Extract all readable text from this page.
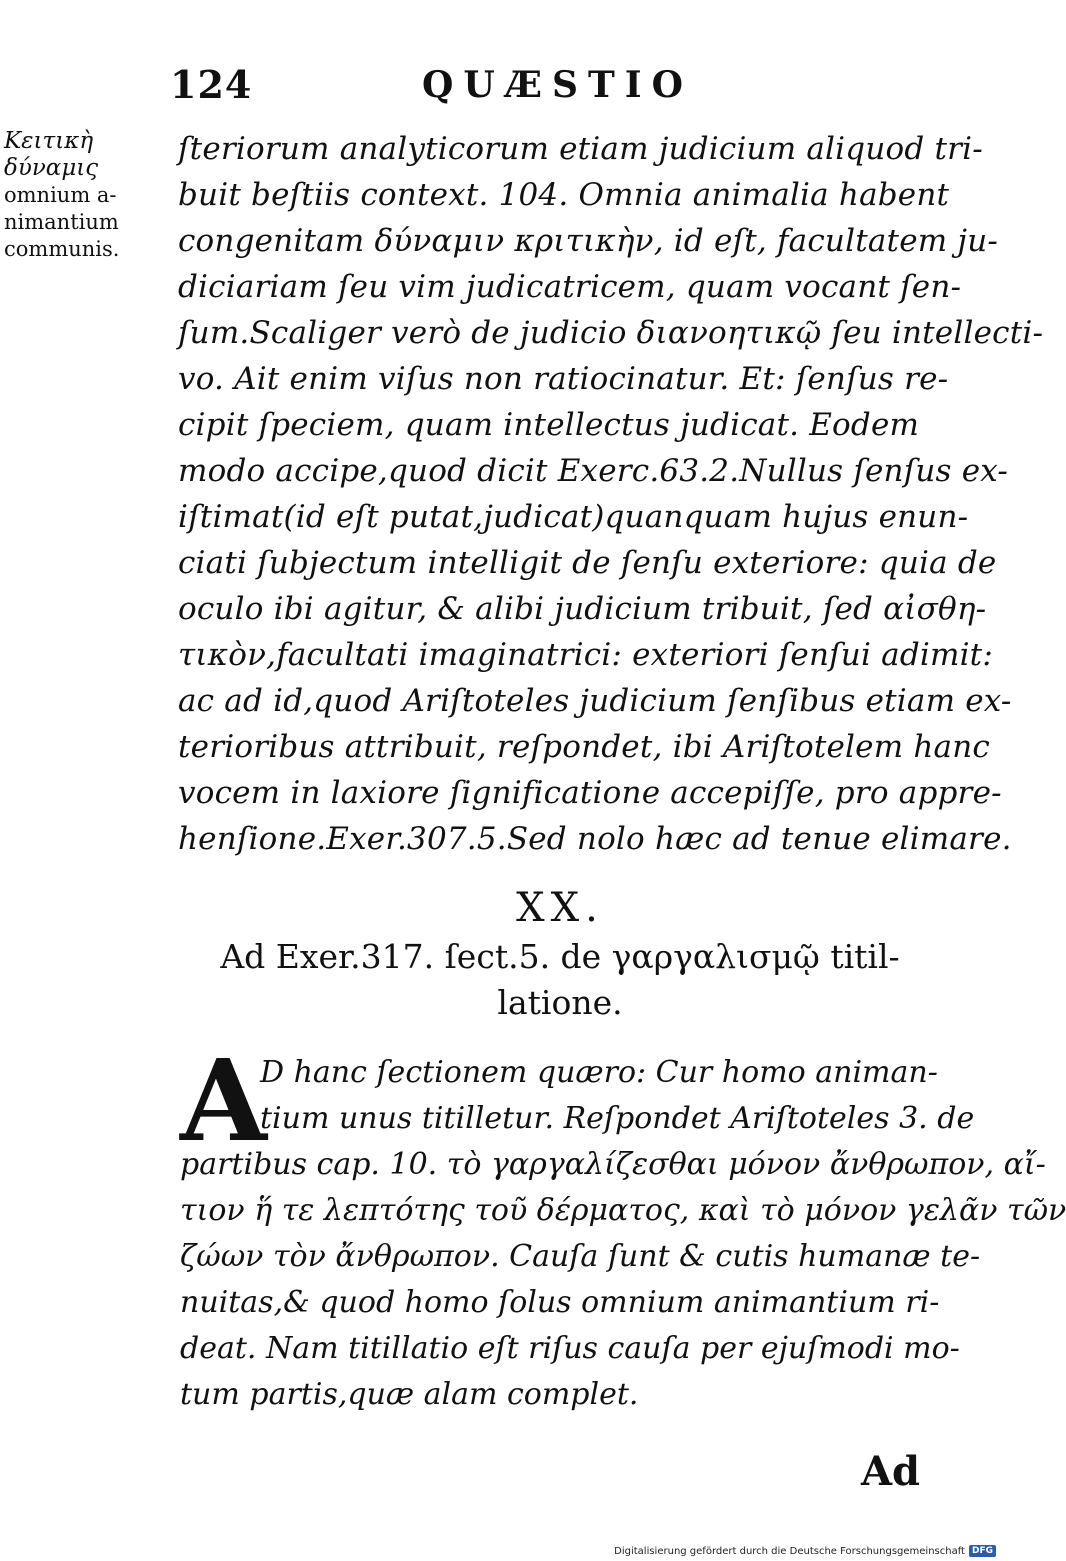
124	QUÆSTIO
Κειτικὴ
δύναμις
omnium a-
nimantium
communis.
ſteriorum analyticorum etiam judicium aliquod tri-
buit beſtiis context. 104. Omnia animalia habent
congenitam δύναμιν κριτικὴν, id eſt, facultatem ju-
diciariam ſeu vim judicatricem, quam vocant ſen-
ſum.Scaliger verò de judicio διανοητικῷ ſeu intellecti-
vo. Ait enim viſus non ratiocinatur. Et: ſenſus re-
cipit ſpeciem, quam intellectus judicat. Eodem
modo accipe,quod dicit Exerc.63.2.Nullus ſenſus ex-
iſtimat(id eſt putat,judicat)quanquam hujus enun-
ciati ſubjectum intelligit de ſenſu exteriore: quia de
oculo ibi agitur, & alibi judicium tribuit, ſed αἰσθη-
τικὸν,facultati imaginatrici: exteriori ſenſui adimit:
ac ad id,quod Ariſtoteles judicium ſenſibus etiam ex-
terioribus attribuit, reſpondet, ibi Ariſtotelem hanc
vocem in laxiore ſignificatione accepiſſe, pro appre-
henſione.Exer.307.5.Sed nolo hæc ad tenue elimare.
XX.
Ad Exer.317. ſect.5. de γαργαλισμῷ titil-
latione.
A
D hanc ſectionem quæro: Cur homo animan-
tium unus titilletur. Reſpondet Ariſtoteles 3. de
partibus cap. 10. τὸ γαργαλίζεσθαι μόνον ἄνθρωπον, αἴ-
τιον ἥ τε λεπτότης τοῦ δέρματος, καὶ τὸ μόνον γελᾶν τῶν
ζώων τὸν ἄνθρωπον. Cauſa ſunt & cutis humanæ te-
nuitas,& quod homo ſolus omnium animantium ri-
deat. Nam titillatio eſt riſus cauſa per ejuſmodi mo-
tum partis,quæ alam complet.
Ad
Digitalisierung gefördert durch die Deutsche Forschungsgemeinschaft DFG
